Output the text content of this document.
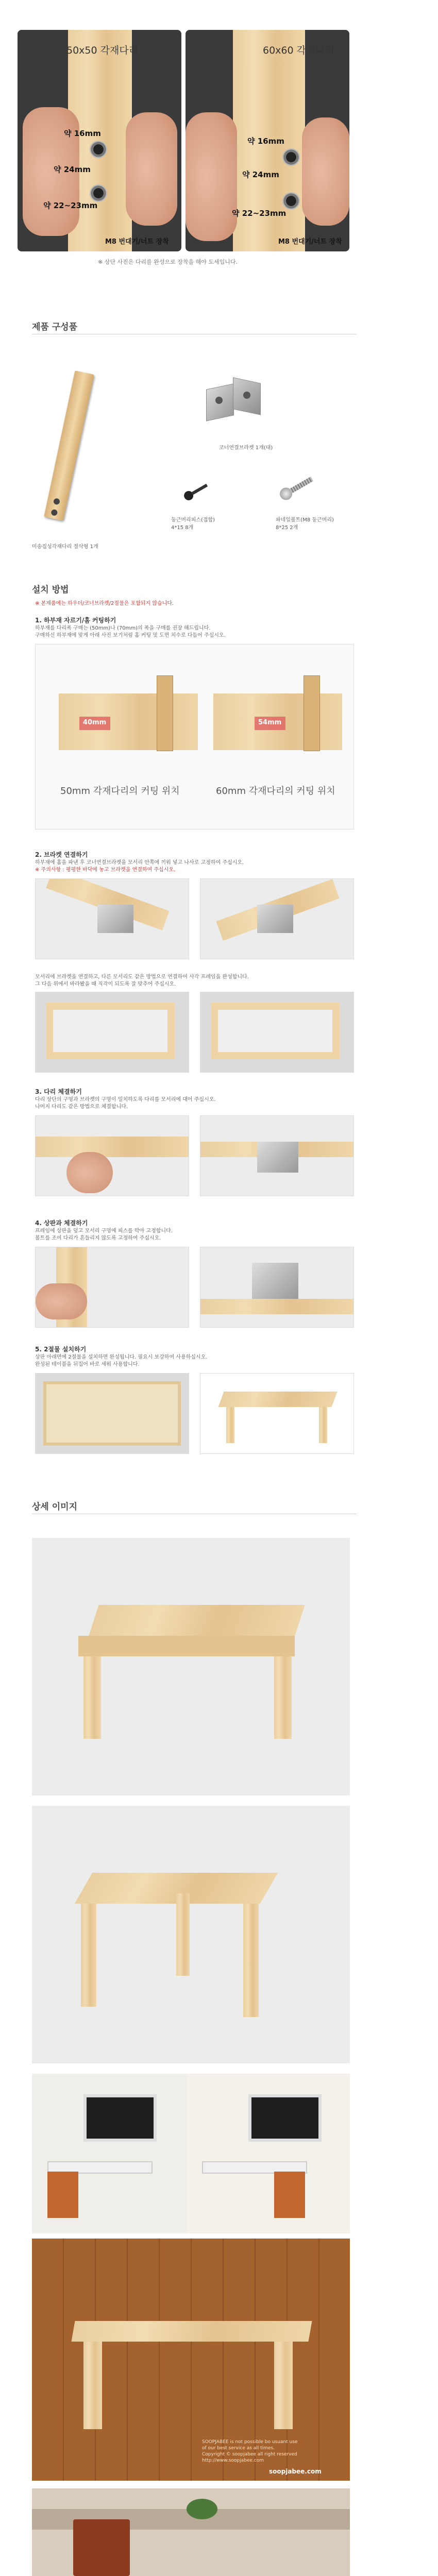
50x50 각재다리
약 16mm
약 24mm
약 22~23mm
M8 번대기/너트 장착
60x60 각재다리
약 16mm
약 24mm
약 22~23mm
M8 번대기/너트 장착
※ 상단 사진은 다리를 완성으로 장착을 해야 도세입니다.
제품 구성품
미송집성각재다리 절삭형 1개
코너연결브라켓 1개(대)
둥근머리피스(접합) 4*15 8개
파네일볼트(M8 둥근머리) 8*25 2개
설치 방법
※ 본제품에는 하우더/코너브라켓/2절물은 포함되지 않습니다.
1. 하부재 자르기/홈 커팅하기
하부재를 다리폭 구매는 (50mm)나 (70mm)의 폭을 구매를 권장 해드립니다.
구매하신 하부재에 맞게 아래 사진 보기처럼 홈 커팅 및 도면 치수로 다듬어 주십시오.
40mm	54mm
50mm 각재다리의 커팅 위치	60mm 각재다리의 커팅 위치
2. 브라켓 연결하기
하부재에 홈을 파낸 후 코너연결브라켓을 모서리 안쪽에 끼워 넣고 나사로 고정하여 주십시오.
※ 주의사항 : 평평한 바닥에 놓고 브라켓을 연결하여 주십시오.
모서리에 브라켓을 연결하고, 다른 모서리도 같은 방법으로 연결하여 사각 프레임을 완성합니다.
그 다음 위에서 바라봤을 때 직각이 되도록 잘 맞추어 주십시오.
3. 다리 체결하기
다리 상단의 구멍과 브라켓의 구멍이 일치하도록 다리를 모서리에 대어 주십시오.
나머지 다리도 같은 방법으로 체결합니다.
4. 상판과 체결하기
프레임에 상판을 덮고 모서리 구멍에 피스를 박아 고정합니다.
볼트를 조여 다리가 흔들리지 않도록 고정하여 주십시오.
5. 2절물 설치하기
상판 아래면에 2절물을 설치하면 완성됩니다. 필요시 보강하여 사용하십시오.
완성된 테이블을 뒤집어 바로 세워 사용합니다.
상세 이미지
SOOPJABEE is not possible bo usuant use
of our best service as all times.
Copyright © soopjabee all right reserved
http://www.soopjabee.com
soopjabee.com
